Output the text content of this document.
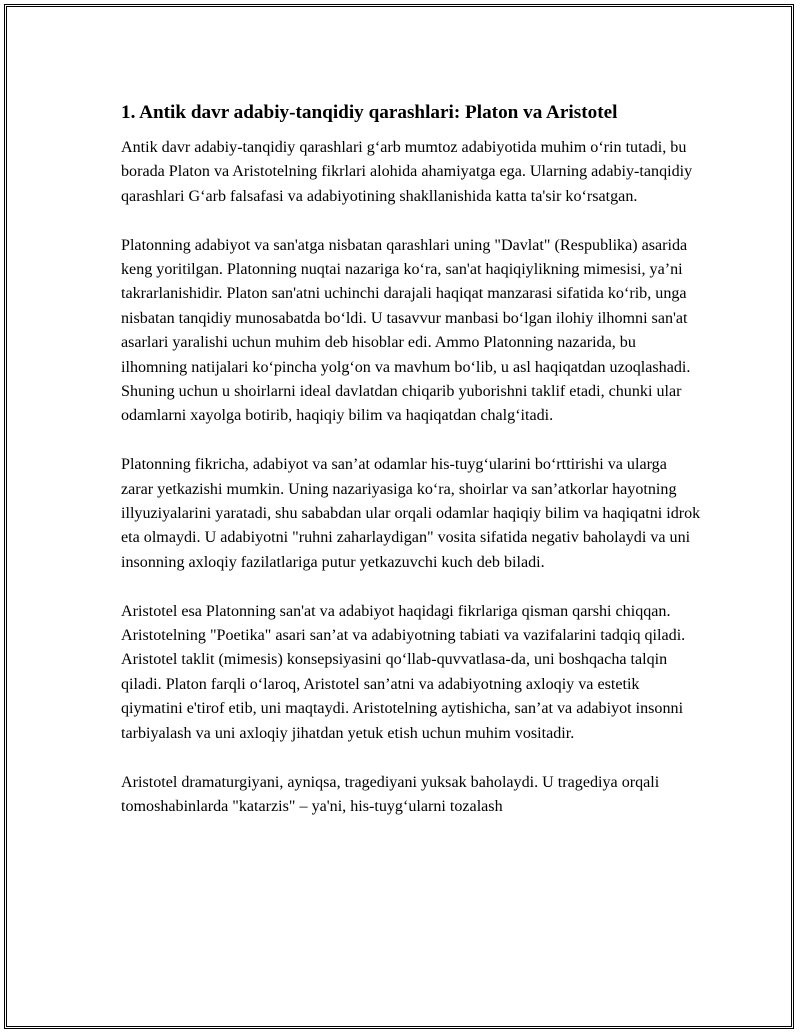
1. Antik davr adabiy-tanqidiy qarashlari: Platon va Aristotel

Antik davr adabiy-tanqidiy qarashlari g‘arb mumtoz adabiyotida muhim o‘rin tutadi, bu borada Platon va Aristotelning fikrlari alohida ahamiyatga ega. Ularning adabiy-tanqidiy qarashlari G‘arb falsafasi va adabiyotining shakllanishida katta ta'sir ko‘rsatgan.

Platonning adabiyot va san'atga nisbatan qarashlari uning "Davlat" (Respublika) asarida keng yoritilgan. Platonning nuqtai nazariga ko‘ra, san'at haqiqiylikning mimesisi, ya’ni takrarlanishidir. Platon san'atni uchinchi darajali haqiqat manzarasi sifatida ko‘rib, unga nisbatan tanqidiy munosabatda bo‘ldi. U tasavvur manbasi bo‘lgan ilohiy ilhomni san'at asarlari yaralishi uchun muhim deb hisoblar edi. Ammo Platonning nazarida, bu ilhomning natijalari ko‘pincha yolg‘on va mavhum bo‘lib, u asl haqiqatdan uzoqlashadi. Shuning uchun u shoirlarni ideal davlatdan chiqarib yuborishni taklif etadi, chunki ular odamlarni xayolga botirib, haqiqiy bilim va haqiqatdan chalg‘itadi.

Platonning fikricha, adabiyot va san’at odamlar his-tuyg‘ularini bo‘rttirishi va ularga zarar yetkazishi mumkin. Uning nazariyasiga ko‘ra, shoirlar va san’atkorlar hayotning illyuziyalarini yaratadi, shu sababdan ular orqali odamlar haqiqiy bilim va haqiqatni idrok eta olmaydi. U adabiyotni "ruhni zaharlaydigan" vosita sifatida negativ baholaydi va uni insonning axloqiy fazilatlariga putur yetkazuvchi kuch deb biladi.

Aristotel esa Platonning san'at va adabiyot haqidagi fikrlariga qisman qarshi chiqqan. Aristotelning "Poetika" asari san’at va adabiyotning tabiati va vazifalarini tadqiq qiladi. Aristotel taklit (mimesis) konsepsiyasini qo‘llab-quvvatlasa-da, uni boshqacha talqin qiladi. Platon farqli o‘laroq, Aristotel san’atni va adabiyotning axloqiy va estetik qiymatini e'tirof etib, uni maqtaydi. Aristotelning aytishicha, san’at va adabiyot insonni tarbiyalash va uni axloqiy jihatdan yetuk etish uchun muhim vositadir.

Aristotel dramaturgiyani, ayniqsa, tragediyani yuksak baholaydi. U tragediya orqali tomoshabinlarda "katarzis" – ya'ni, his-tuyg‘ularni tozalash
